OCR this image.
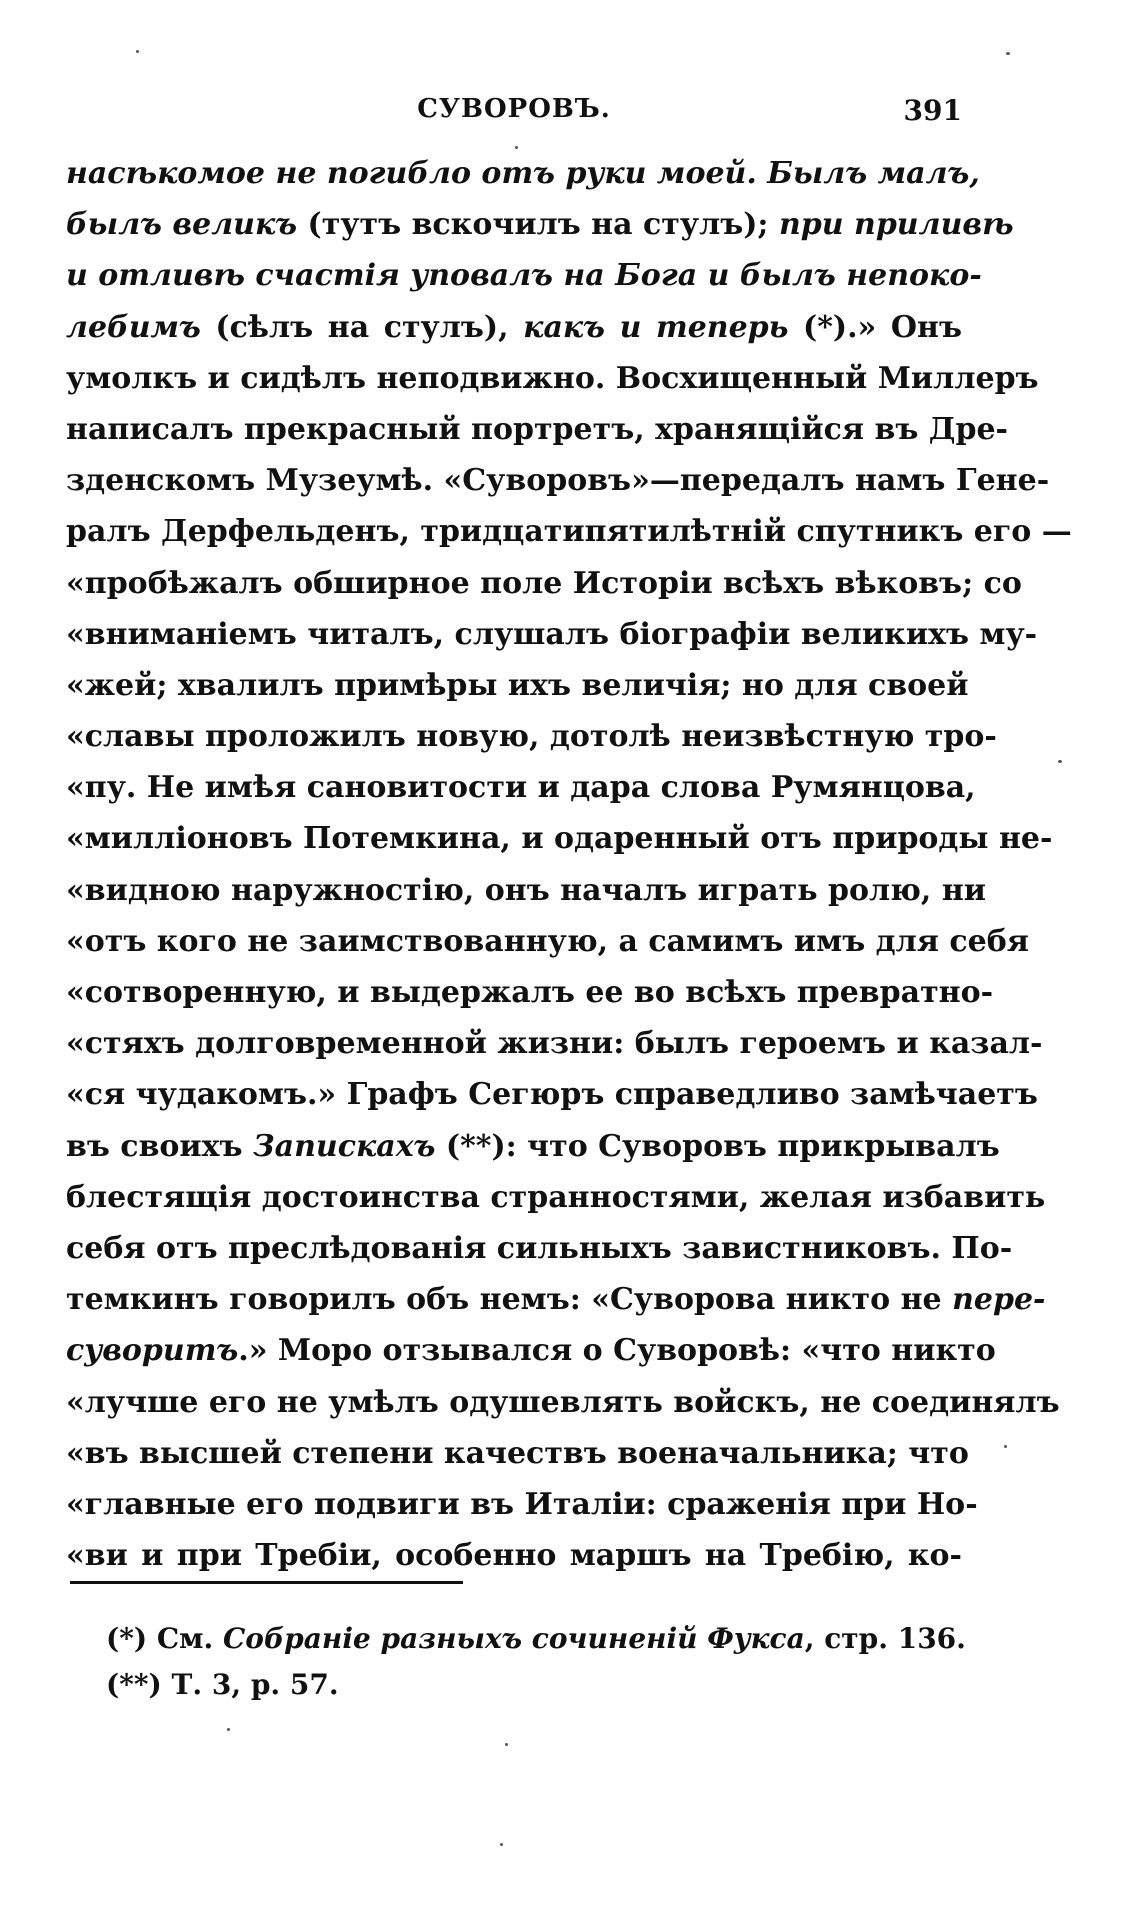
СУВОРОВЪ.	391
насѣкомое не погибло отъ руки моей. Былъ малъ,
былъ великъ (тутъ вскочилъ на стулъ); при приливѣ
и отливѣ счастія уповалъ на Бога и былъ непоко-
лебимъ (сѣлъ на стулъ), какъ и теперь (*).» Онъ
умолкъ и сидѣлъ неподвижно. Восхищенный Миллеръ
написалъ прекрасный портретъ, хранящійся въ Дре-
зденскомъ Музеумѣ. «Суворовъ»—передалъ намъ Гене-
ралъ Дерфельденъ, тридцатипятилѣтній спутникъ его —
«пробѣжалъ обширное поле Исторіи всѣхъ вѣковъ; со
«вниманіемъ читалъ, слушалъ біографіи великихъ му-
«жей; хвалилъ примѣры ихъ величія; но для своей
«славы проложилъ новую, дотолѣ неизвѣстную тро-
«пу. Не имѣя сановитости и дара слова Румянцова,
«милліоновъ Потемкина, и одаренный отъ природы не-
«видною наружностію, онъ началъ играть ролю, ни
«отъ кого не заимствованную, а самимъ имъ для себя
«сотворенную, и выдержалъ ее во всѣхъ превратно-
«стяхъ долговременной жизни: былъ героемъ и казал-
«ся чудакомъ.» Графъ Сегюръ справедливо замѣчаетъ
въ своихъ Запискахъ (**): что Суворовъ прикрывалъ
блестящія достоинства странностями, желая избавить
себя отъ преслѣдованія сильныхъ завистниковъ. По-
темкинъ говорилъ объ немъ: «Суворова никто не пере-
суворитъ.» Моро отзывался о Суворовѣ: «что никто
«лучше его не умѣлъ одушевлять войскъ, не соединялъ
«въ высшей степени качествъ военачальника; что
«главные его подвиги въ Италіи: сраженія при Но-
«ви и при Требіи, особенно маршъ на Требію, ко-
(*) См. Собраніе разныхъ сочиненій Фукса, стр. 136.
(**) Т. 3, p. 57.
